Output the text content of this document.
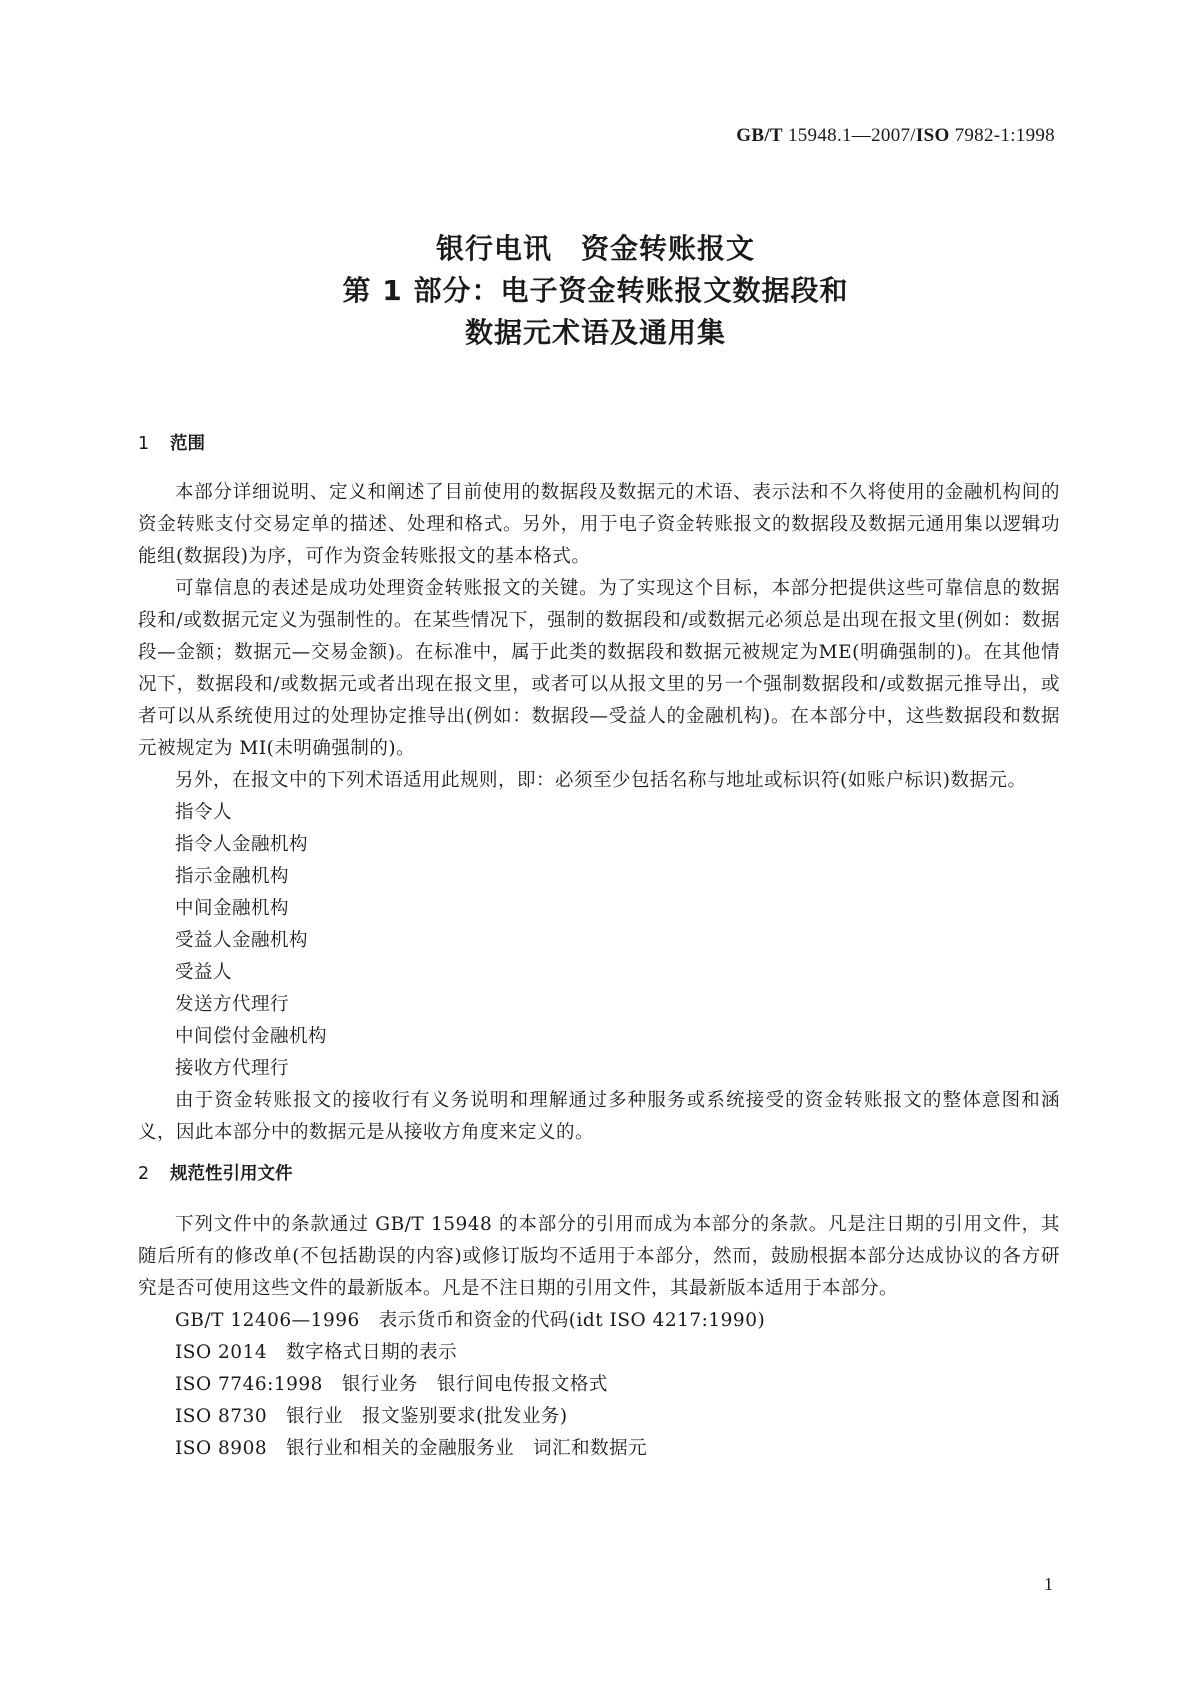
GB/T 15948.1—2007/ISO 7982-1:1998
银行电讯　资金转账报文
第 1 部分：电子资金转账报文数据段和
数据元术语及通用集
1 范围

本部分详细说明、定义和阐述了目前使用的数据段及数据元的术语、表示法和不久将使用的金融机构间的资金转账支付交易定单的描述、处理和格式。另外，用于电子资金转账报文的数据段及数据元通用集以逻辑功能组(数据段)为序，可作为资金转账报文的基本格式。

可靠信息的表述是成功处理资金转账报文的关键。为了实现这个目标，本部分把提供这些可靠信息的数据段和/或数据元定义为强制性的。在某些情况下，强制的数据段和/或数据元必须总是出现在报文里(例如：数据段—金额；数据元—交易金额)。在标准中，属于此类的数据段和数据元被规定为ME(明确强制的)。在其他情况下，数据段和/或数据元或者出现在报文里，或者可以从报文里的另一个强制数据段和/或数据元推导出，或者可以从系统使用过的处理协定推导出(例如：数据段—受益人的金融机构)。在本部分中，这些数据段和数据元被规定为 MI(未明确强制的)。

另外，在报文中的下列术语适用此规则，即：必须至少包括名称与地址或标识符(如账户标识)数据元。

指令人
指令人金融机构
指示金融机构
中间金融机构
受益人金融机构
受益人
发送方代理行
中间偿付金融机构
接收方代理行

由于资金转账报文的接收行有义务说明和理解通过多种服务或系统接受的资金转账报文的整体意图和涵义，因此本部分中的数据元是从接收方角度来定义的。

2 规范性引用文件

下列文件中的条款通过 GB/T 15948 的本部分的引用而成为本部分的条款。凡是注日期的引用文件，其随后所有的修改单(不包括勘误的内容)或修订版均不适用于本部分，然而，鼓励根据本部分达成协议的各方研究是否可使用这些文件的最新版本。凡是不注日期的引用文件，其最新版本适用于本部分。

GB/T 12406—1996　表示货币和资金的代码(idt ISO 4217:1990)
ISO 2014　数字格式日期的表示
ISO 7746:1998　银行业务　银行间电传报文格式
ISO 8730　银行业　报文鉴别要求(批发业务)
ISO 8908　银行业和相关的金融服务业　词汇和数据元
1
